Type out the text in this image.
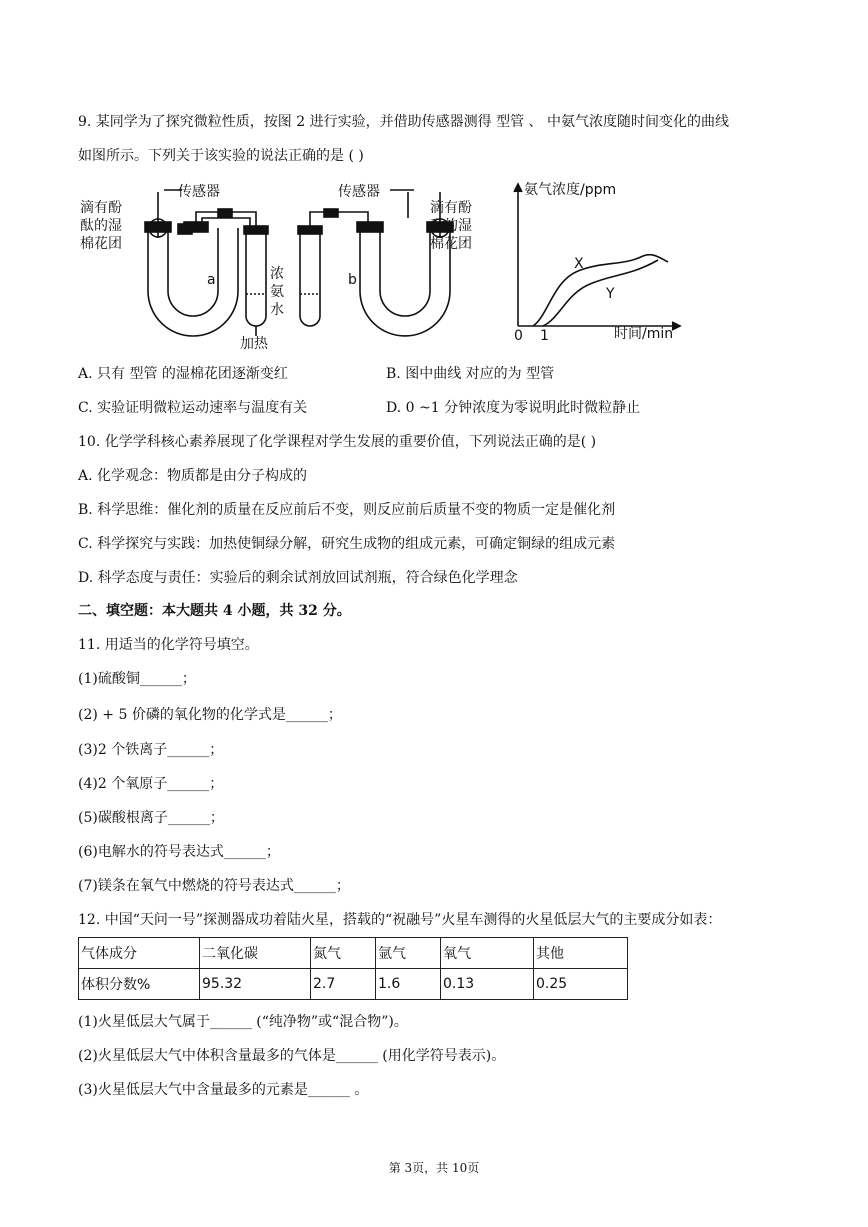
9. 某同学为了探究微粒性质，按图 2 进行实验，并借助传感器测得 型管 、 中氨气浓度随时间变化的曲线
如图所示。下列关于该实验的说法正确的是 ( )
传感器	传感器
滴有酚
酞的湿
棉花团
滴有酚
酞的湿
棉花团
a	b
浓
氨
水
加热
氨气浓度/ppm
时间/min
0 1
X
Y
A. 只有 型管 的湿棉花团逐渐变红	B. 图中曲线 对应的为 型管
C. 实验证明微粒运动速率与温度有关	D. 0 ~1 分钟浓度为零说明此时微粒静止
10. 化学学科核心素养展现了化学课程对学生发展的重要价值，下列说法正确的是( )
A. 化学观念：物质都是由分子构成的
B. 科学思维：催化剂的质量在反应前后不变，则反应前后质量不变的物质一定是催化剂
C. 科学探究与实践：加热使铜绿分解，研究生成物的组成元素，可确定铜绿的组成元素
D. 科学态度与责任：实验后的剩余试剂放回试剂瓶，符合绿色化学理念
二、填空题：本大题共 4 小题，共 32 分。
11. 用适当的化学符号填空。
(1)硫酸铜______；
(2) + 5 价磷的氧化物的化学式是______；
(3)2 个铁离子______；
(4)2 个氧原子______；
(5)碳酸根离子______；
(6)电解水的符号表达式______；
(7)镁条在氧气中燃烧的符号表达式______；
12. 中国“天问一号”探测器成功着陆火星，搭载的“祝融号”火星车测得的火星低层大气的主要成分如表：
气体成分	二氧化碳	氮气	氩气	氧气	其他
体积分数%	95.32	2.7	1.6	0.13	0.25
(1)火星低层大气属于______ (“纯净物”或“混合物”)。
(2)火星低层大气中体积含量最多的气体是______ (用化学符号表示)。
(3)火星低层大气中含量最多的元素是______ 。
第 3页，共 10页
